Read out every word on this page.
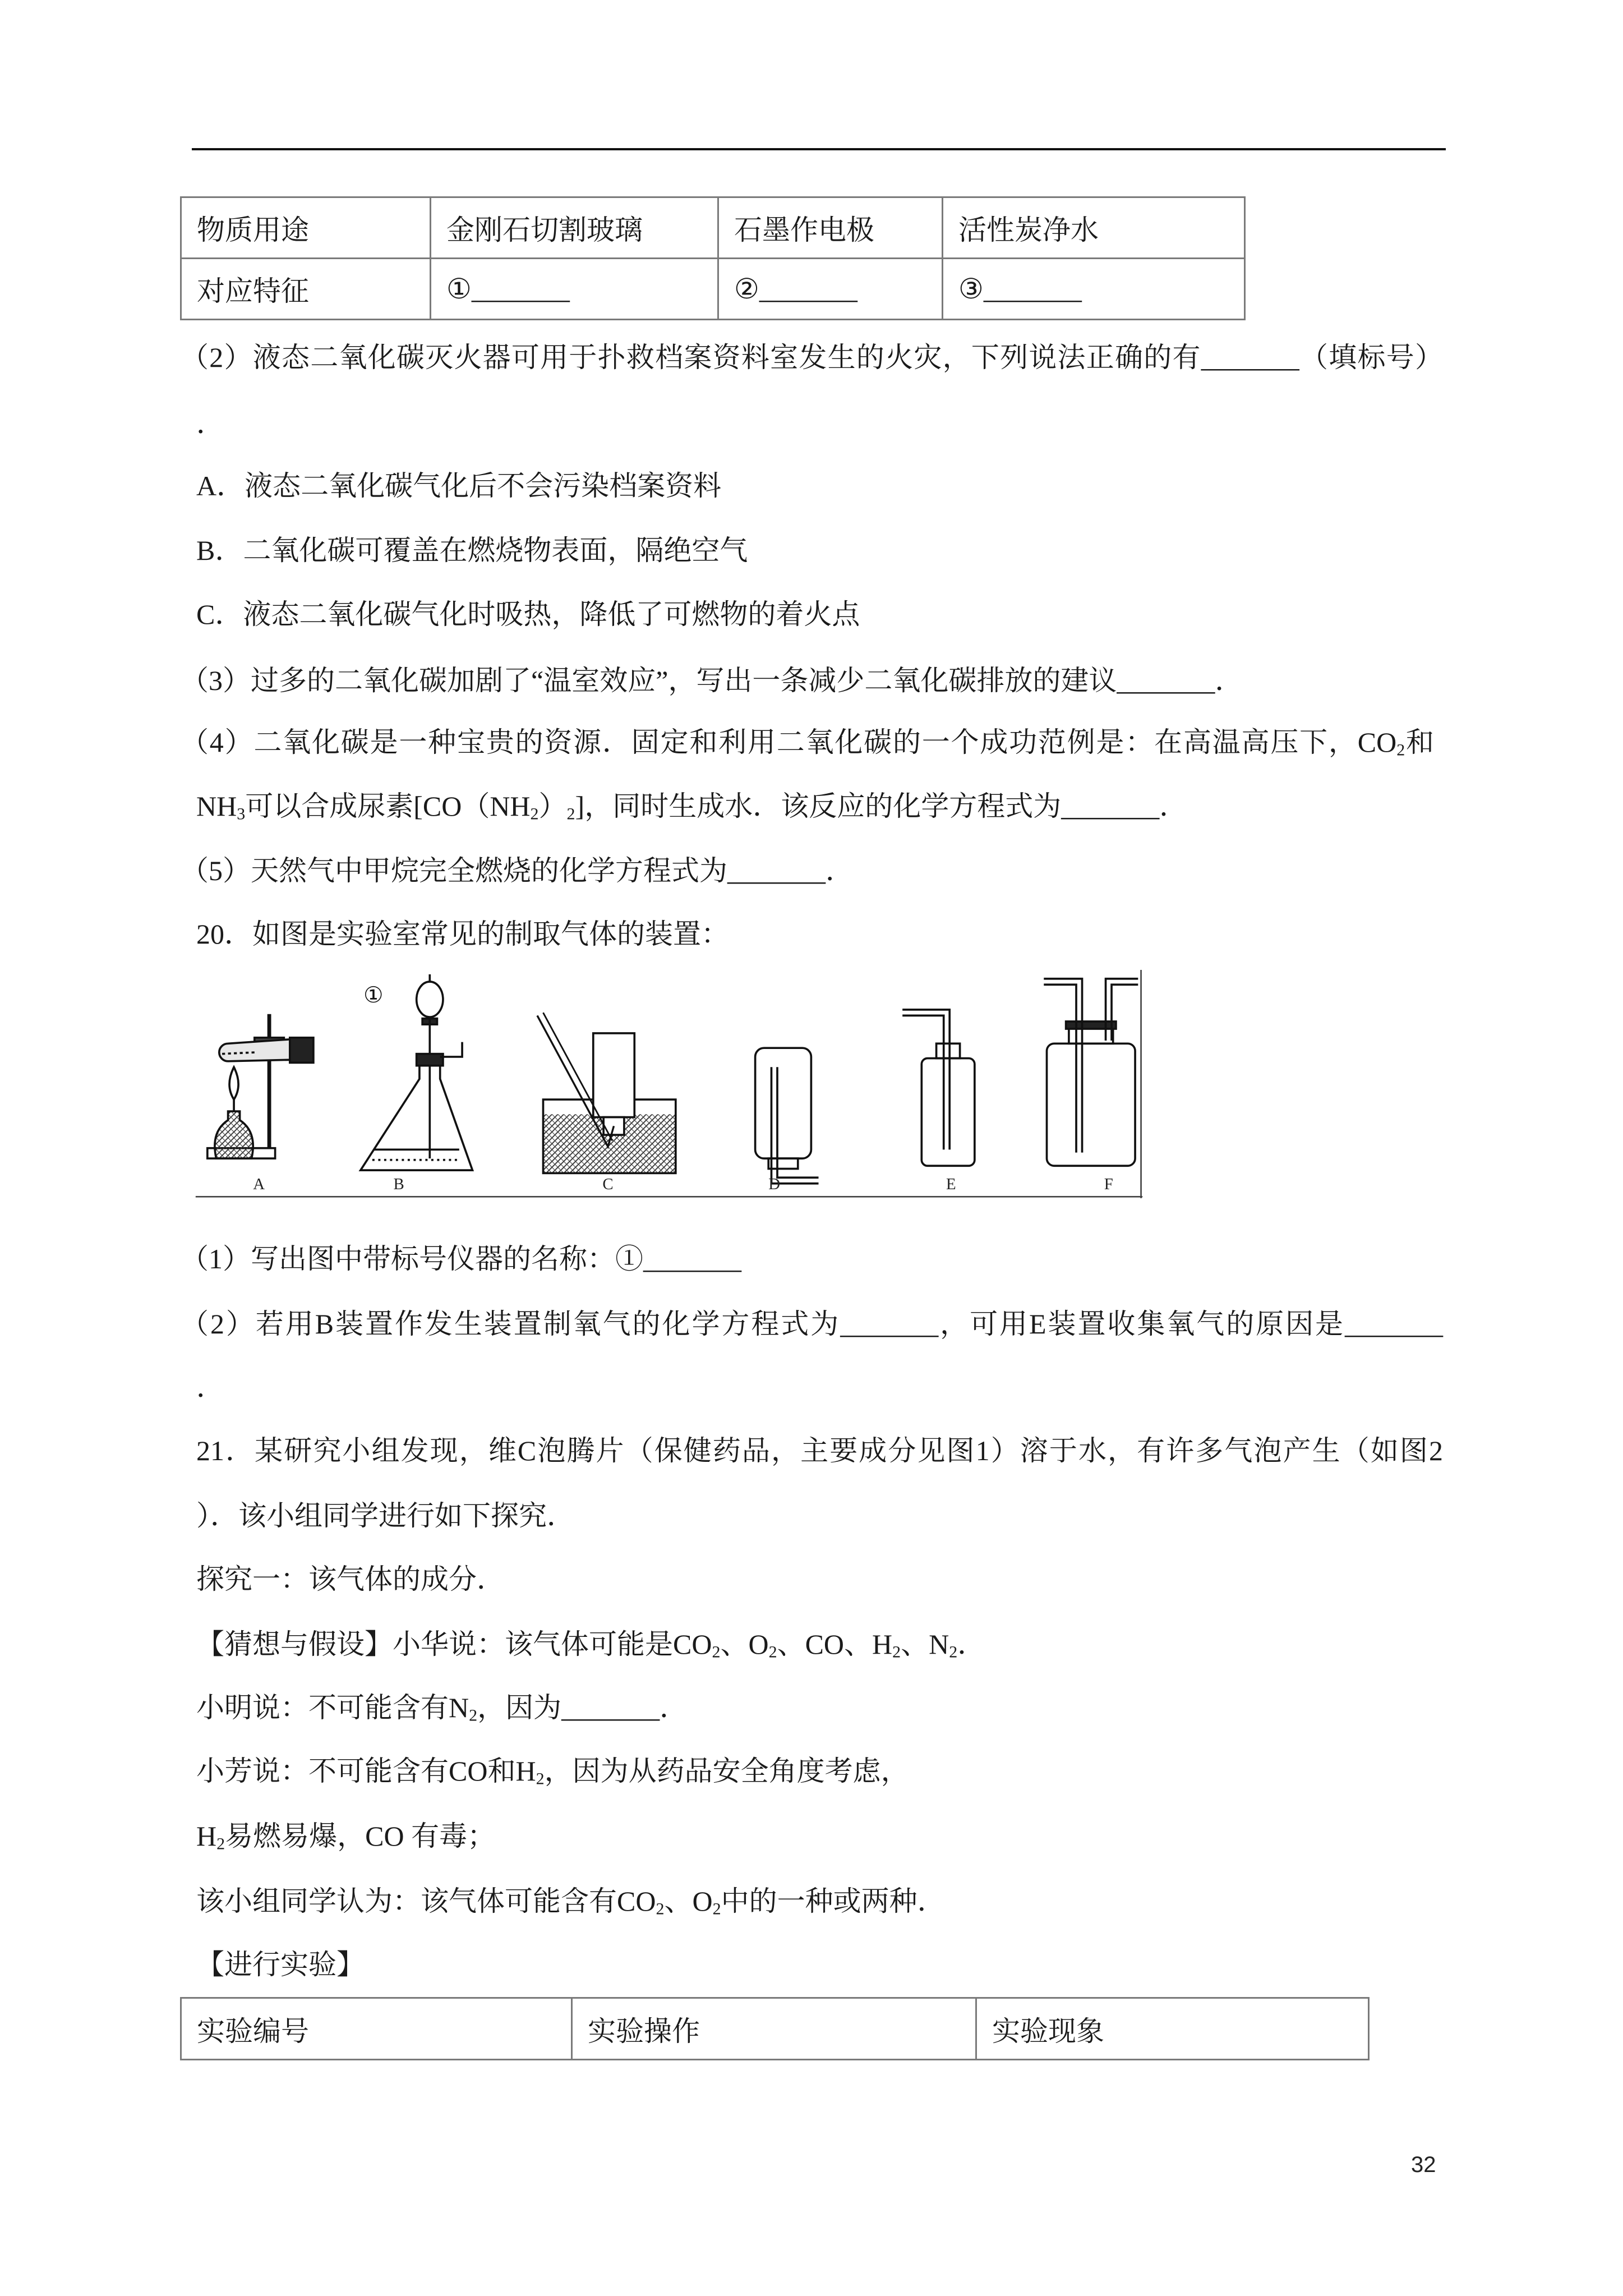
物质用途	金刚石切割玻璃	石墨作电极	活性炭净水
对应特征	①_______	②_______	③_______
（2）液态二氧化碳灭火器可用于扑救档案资料室发生的火灾，下列说法正确的有_______（填标号）
．
A．液态二氧化碳气化后不会污染档案资料
B．二氧化碳可覆盖在燃烧物表面，隔绝空气
C．液态二氧化碳气化时吸热，降低了可燃物的着火点
（3）过多的二氧化碳加剧了“温室效应”，写出一条减少二氧化碳排放的建议_______．
（4）二氧化碳是一种宝贵的资源．固定和利用二氧化碳的一个成功范例是：在高温高压下，$CO_2$和
$NH_3$可以合成尿素$[CO(NH_2)_2]$，同时生成水．该反应的化学方程式为_______．
（5）天然气中甲烷完全燃烧的化学方程式为_______．
20．如图是实验室常见的制取气体的装置：
①
A	B	C	D	E	F
（1）写出图中带标号仪器的名称：①_______
（2）若用B装置作发生装置制氧气的化学方程式为_______，可用E装置收集氧气的原因是_______
．
21．某研究小组发现，维C泡腾片（保健药品，主要成分见图1）溶于水，有许多气泡产生（如图2
）．该小组同学进行如下探究．
探究一：该气体的成分．
【猜想与假设】小华说：该气体可能是$CO_2$、$O_2$、CO、$H_2$、$N_2$．
小明说：不可能含有$N_2$，因为_______．
小芳说：不可能含有CO和$H_2$，因为从药品安全角度考虑，
$H_2$易燃易爆，CO 有毒；
该小组同学认为：该气体可能含有$CO_2$、$O_2$中的一种或两种．
【进行实验】
实验编号	实验操作	实验现象
32
